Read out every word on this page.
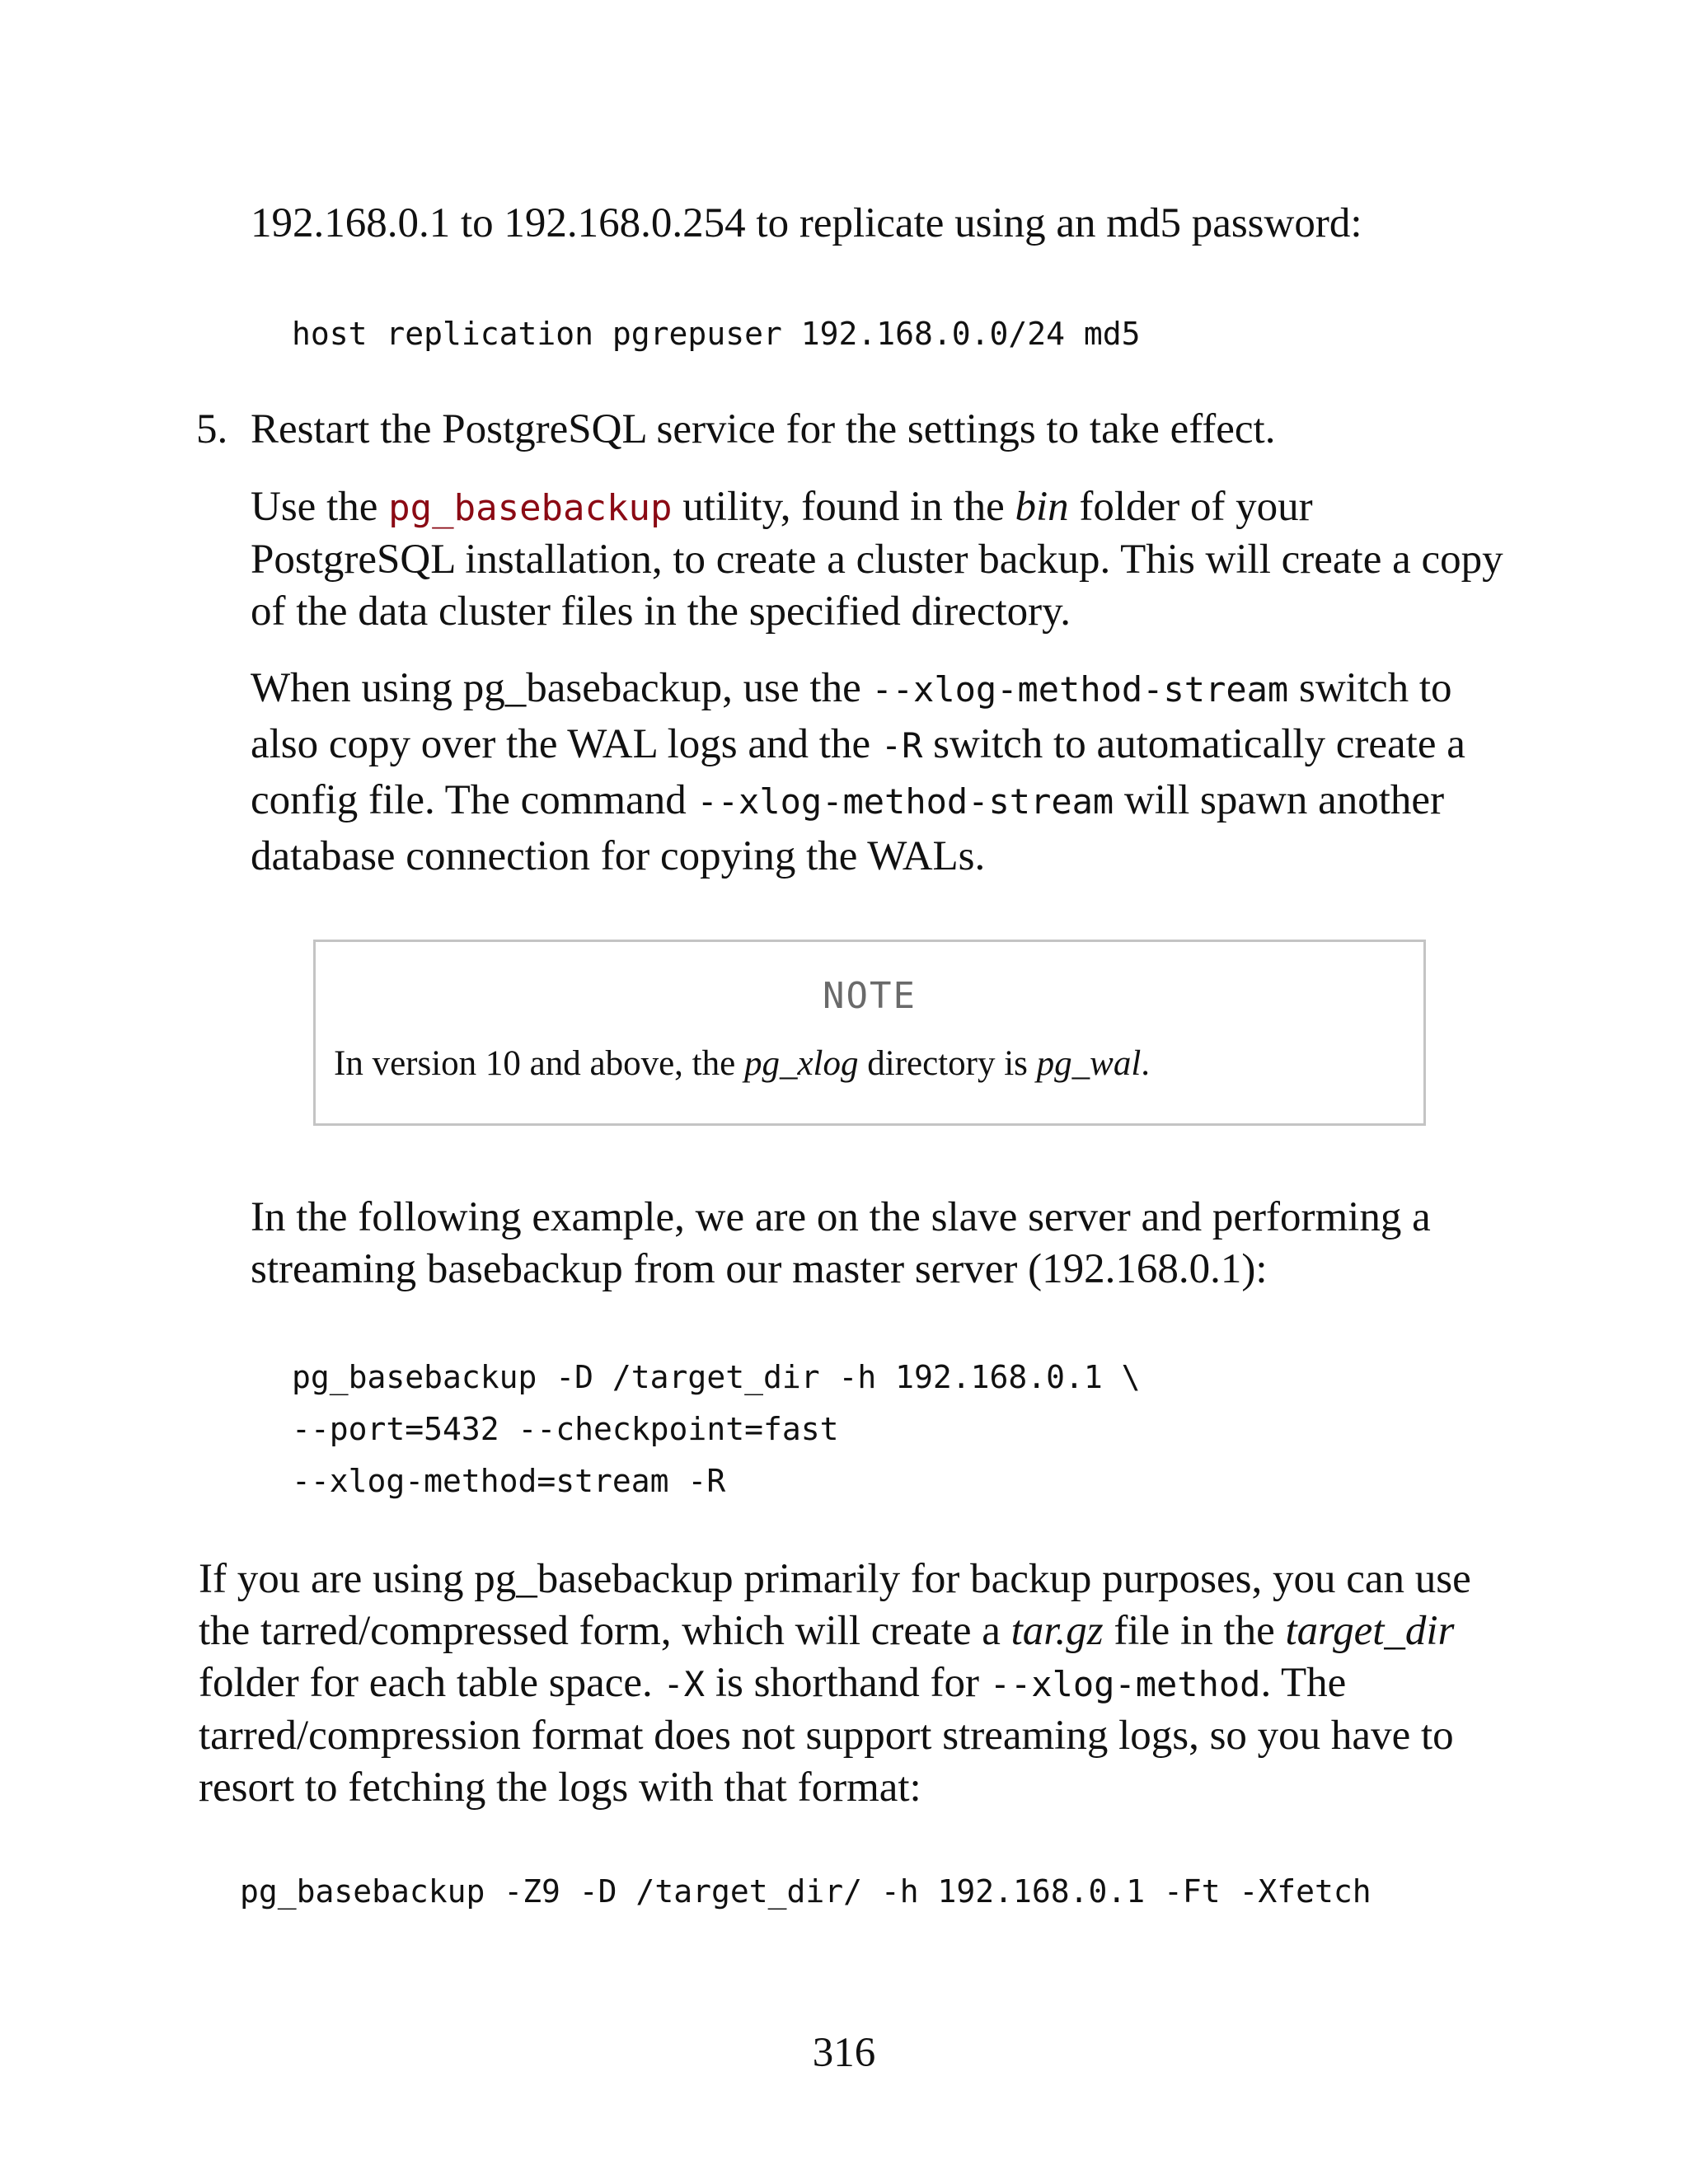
192.168.0.1 to 192.168.0.254 to replicate using an md5 password:

host replication pgrepuser 192.168.0.0/24 md5
5. Restart the PostgreSQL service for the settings to take effect.

Use the pg_basebackup utility, found in the bin folder of your
PostgreSQL installation, to create a cluster backup. This will create a copy
of the data cluster files in the specified directory.

When using pg_basebackup, use the --xlog-method-stream switch to
also copy over the WAL logs and the -R switch to automatically create a
config file. The command --xlog-method-stream will spawn another
database connection for copying the WALs.

NOTE
In version 10 and above, the pg_xlog directory is pg_wal.

In the following example, we are on the slave server and performing a
streaming basebackup from our master server (192.168.0.1):

pg_basebackup -D /target_dir -h 192.168.0.1 \
--port=5432 --checkpoint=fast
--xlog-method=stream -R

If you are using pg_basebackup primarily for backup purposes, you can use
the tarred/compressed form, which will create a tar.gz file in the target_dir
folder for each table space. -X is shorthand for --xlog-method. The
tarred/compression format does not support streaming logs, so you have to
resort to fetching the logs with that format:

pg_basebackup -Z9 -D /target_dir/ -h 192.168.0.1 -Ft -Xfetch
316
